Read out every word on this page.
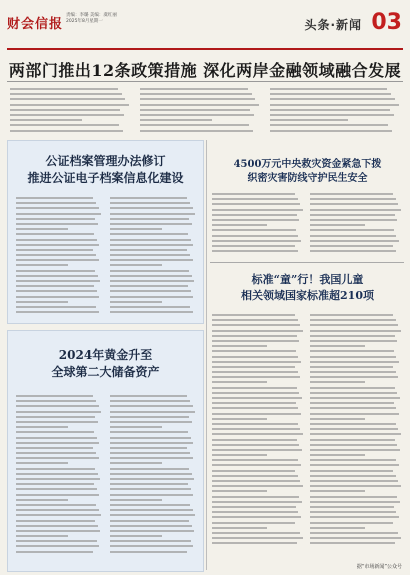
财会信报
责编：李璐 美编：虞红丽
2025年8月星期一	头条·新闻 03
两部门推出12条政策措施 深化两岸金融领域融合发展
公证档案管理办法修订
推进公证电子档案信息化建设
2024年黄金升至
全球第二大储备资产
4500万元中央救灾资金紧急下拨
织密灾害防线守护民生安全
标准“童”行！我国儿童
相关领域国家标准超210项
据“市场新闻”公众号
